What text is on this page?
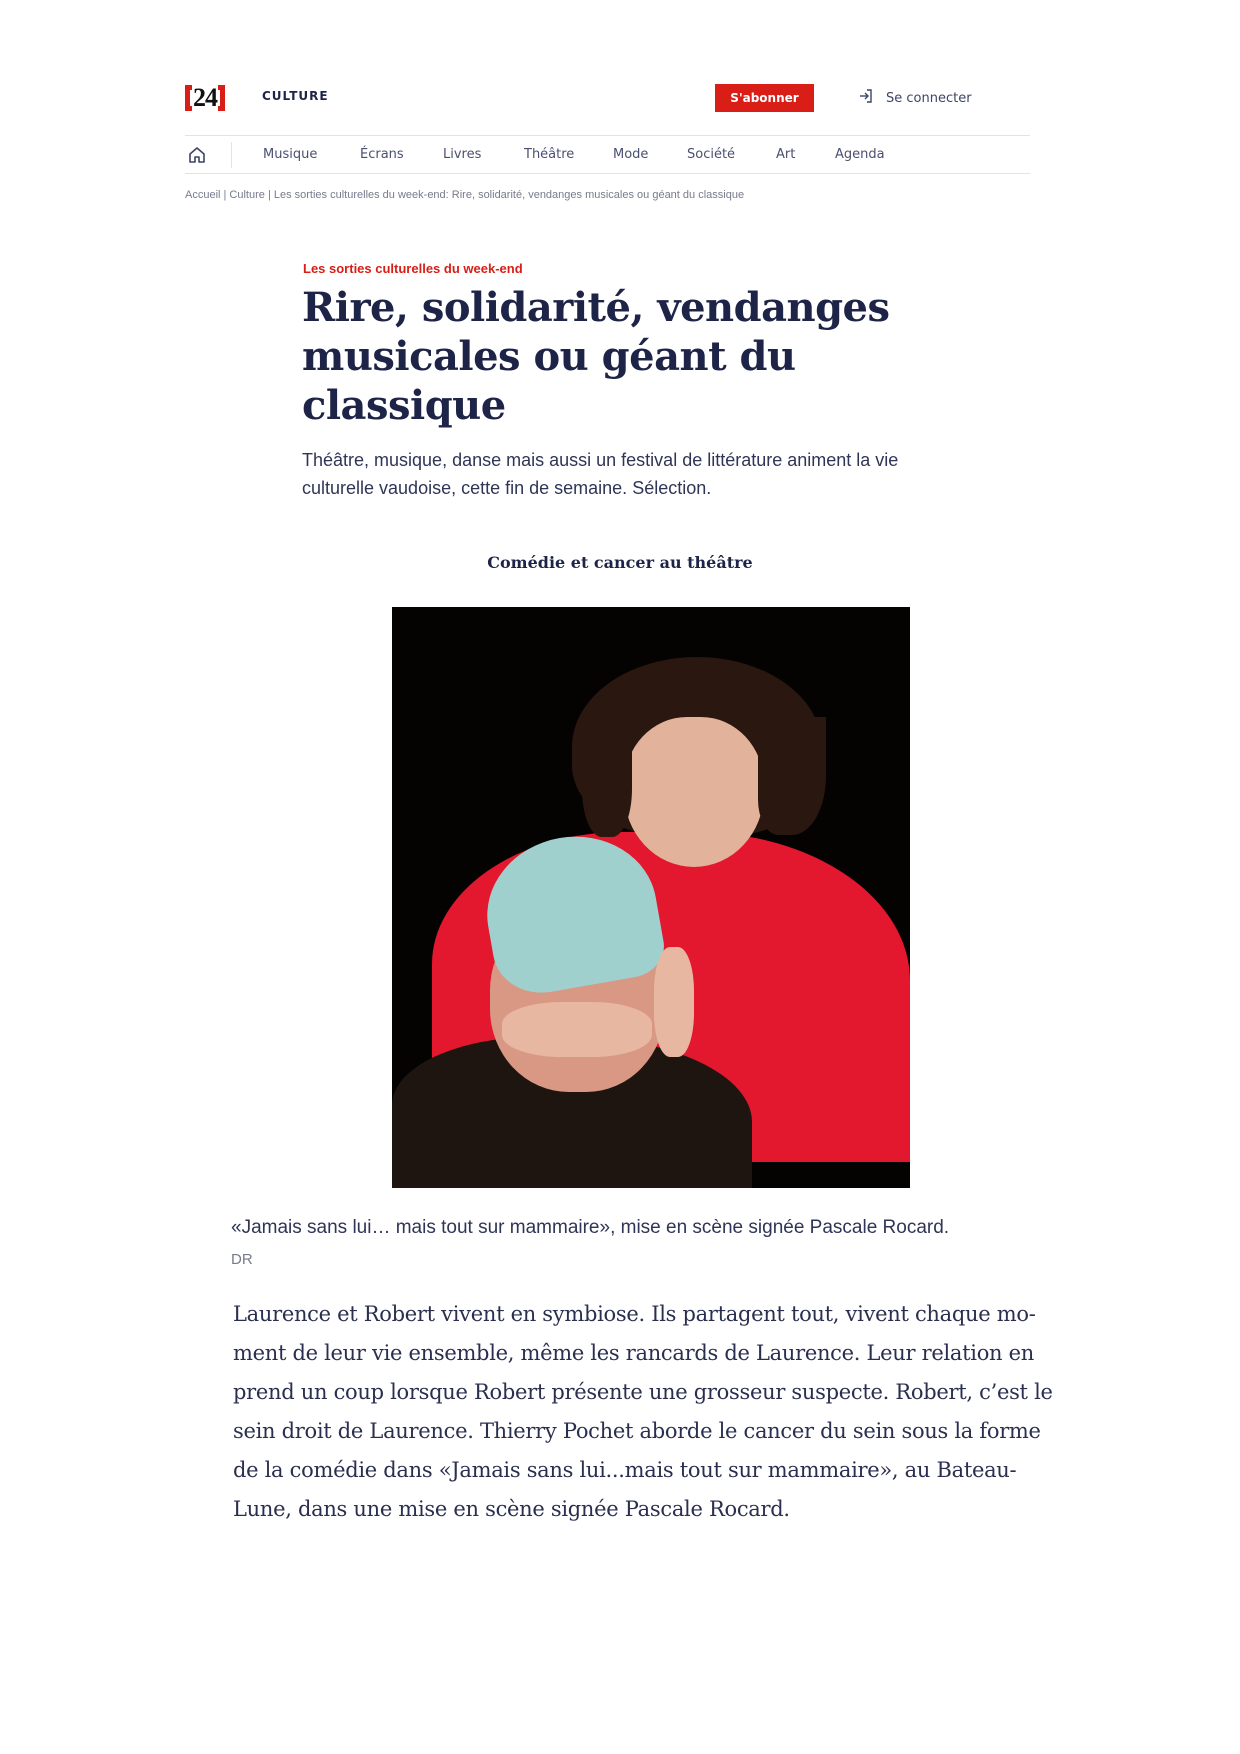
24	CULTURE	S'abonner	Se connecter
Musique	Écrans	Livres	Théâtre	Mode	Société	Art	Agenda
Accueil | Culture | Les sorties culturelles du week-end: Rire, solidarité, vendanges musicales ou géant du classique
Les sorties culturelles du week-end
Rire, solidarité, vendanges
musicales ou géant du
classique

Théâtre, musique, danse mais aussi un festival de littérature animent la vie culturelle vaudoise, cette fin de semaine. Sélection.

Comédie et cancer au théâtre
«Jamais sans lui… mais tout sur mammaire», mise en scène signée Pascale Rocard.
DR
Laurence et Robert vivent en symbiose. Ils partagent tout, vivent chaque mo-
ment de leur vie ensemble, même les rancards de Laurence. Leur relation en
prend un coup lorsque Robert présente une grosseur suspecte. Robert, c’est le
sein droit de Laurence. Thierry Pochet aborde le cancer du sein sous la forme
de la comédie dans «Jamais sans lui...mais tout sur mammaire», au Bateau-
Lune, dans une mise en scène signée Pascale Rocard.
